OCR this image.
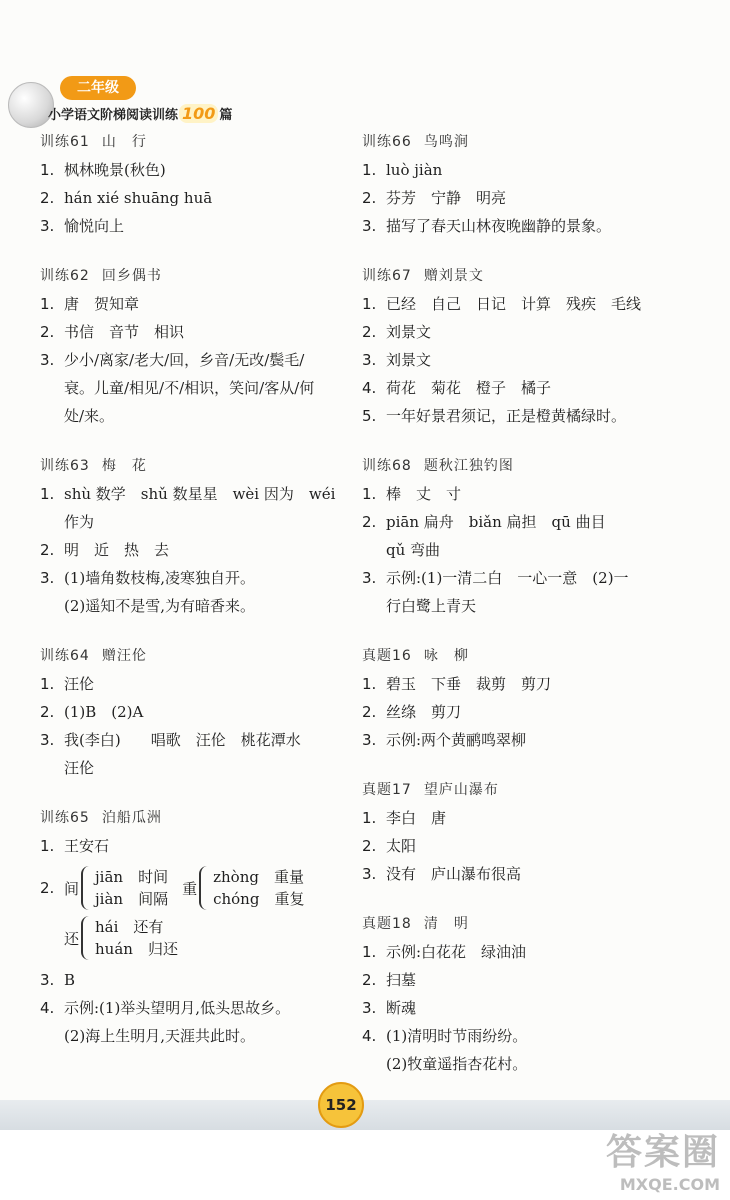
二年级
小学语文阶梯阅读训练 100 篇
训练61 山　行
1. 枫林晚景(秋色)
2. hán xié shuāng huā
3. 愉悦向上
训练62 回乡偶书
1. 唐　贺知章
2. 书信　音节　相识
3. 少小/离家/老大/回，乡音/无改/鬓毛/
衰。儿童/相见/不/相识，笑问/客从/何
处/来。
训练63 梅　花
1. shù 数学　shǔ 数星星　wèi 因为　wéi
作为
2. 明　近　热　去
3. (1)墙角数枝梅,凌寒独自开。
(2)遥知不是雪,为有暗香来。
训练64 赠汪伦
1. 汪伦
2. (1)B　(2)A
3. 我(李白)　　唱歌　汪伦　桃花潭水
汪伦
训练65 泊船瓜洲
1. 王安石
2. 间
jiān　时间
jiàn　间隔
重
zhòng　重量
chóng　重复
还
hái　还有
huán　归还
3. B
4. 示例:(1)举头望明月,低头思故乡。
(2)海上生明月,天涯共此时。
训练66 鸟鸣涧
1. luò jiàn
2. 芬芳　宁静　明亮
3. 描写了春天山林夜晚幽静的景象。
训练67 赠刘景文
1. 已经　自己　日记　计算　残疾　毛线
2. 刘景文
3. 刘景文
4. 荷花　菊花　橙子　橘子
5. 一年好景君须记，正是橙黄橘绿时。
训练68 题秋江独钓图
1. 棒　丈　寸
2. piān 扁舟　biǎn 扁担　qū 曲目
qǔ 弯曲
3. 示例:(1)一清二白　一心一意　(2)一
行白鹭上青天
真题16 咏　柳
1. 碧玉　下垂　裁剪　剪刀
2. 丝绦　剪刀
3. 示例:两个黄鹂鸣翠柳
真题17 望庐山瀑布
1. 李白　唐
2. 太阳
3. 没有　庐山瀑布很高
真题18 清　明
1. 示例:白花花　绿油油
2. 扫墓
3. 断魂
4. (1)清明时节雨纷纷。
(2)牧童遥指杏花村。
152
答案圈
MXQE.COM
